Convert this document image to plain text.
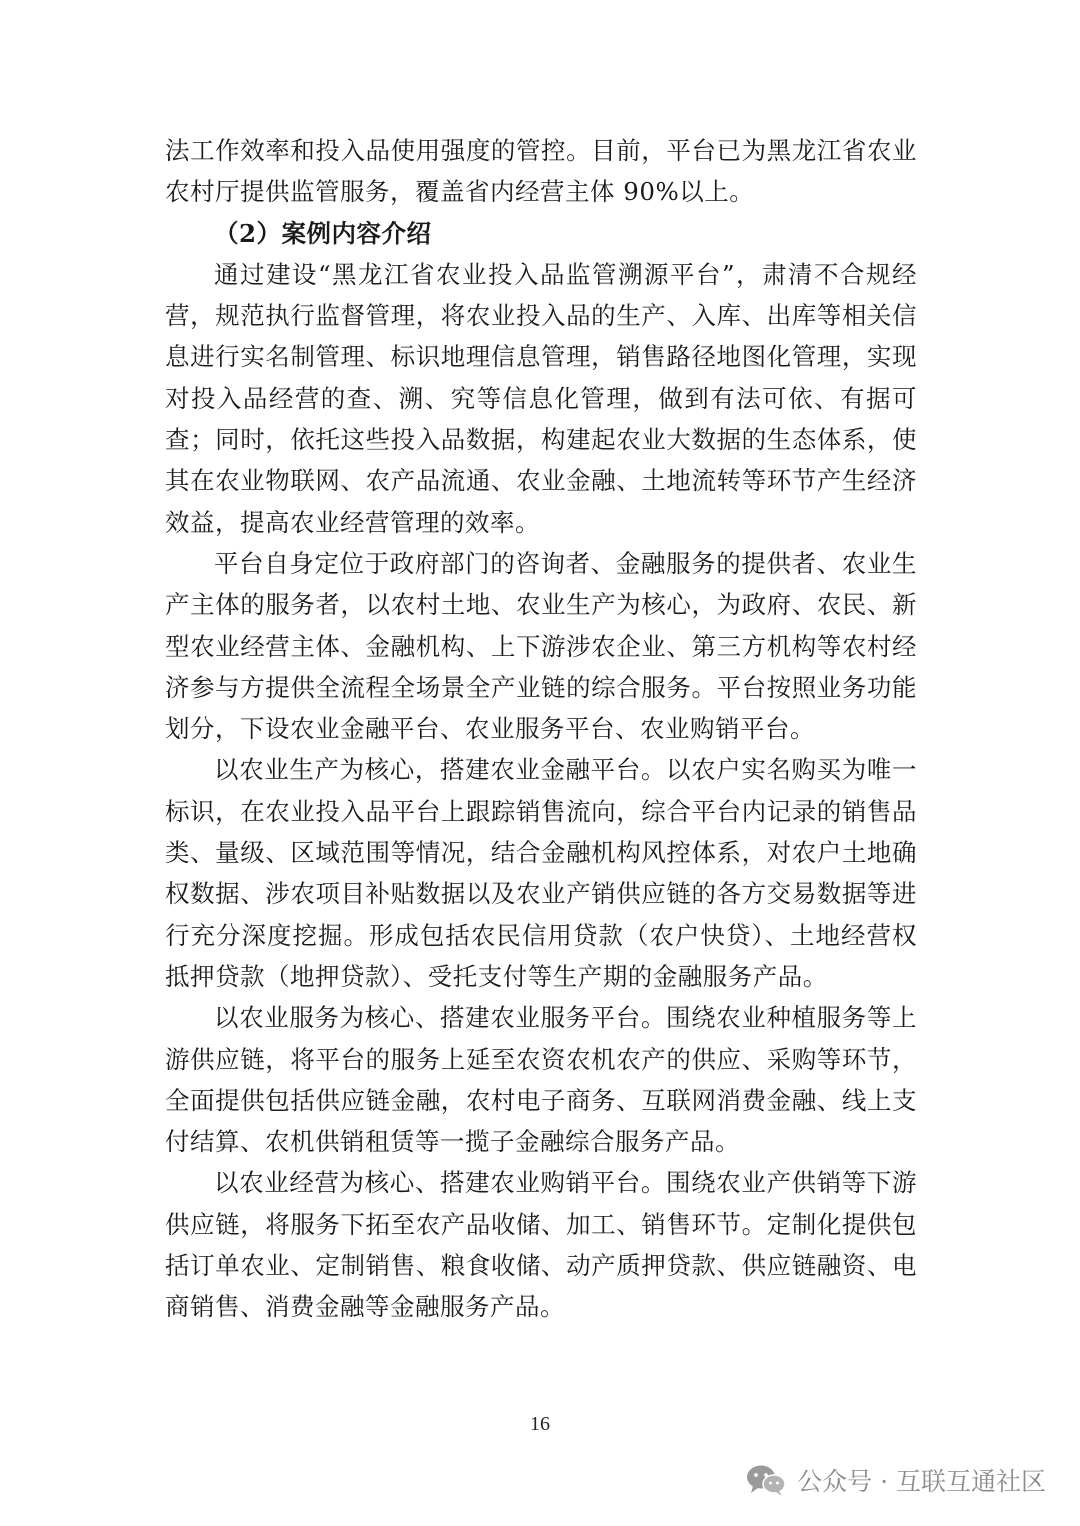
法工作效率和投入品使用强度的管控。目前，平台已为黑龙江省农业农村厅提供监管服务，覆盖省内经营主体 90%以上。

（2）案例内容介绍

通过建设“黑龙江省农业投入品监管溯源平台”，肃清不合规经营，规范执行监督管理，将农业投入品的生产、入库、出库等相关信息进行实名制管理、标识地理信息管理，销售路径地图化管理，实现对投入品经营的查、溯、究等信息化管理，做到有法可依、有据可查；同时，依托这些投入品数据，构建起农业大数据的生态体系，使其在农业物联网、农产品流通、农业金融、土地流转等环节产生经济效益，提高农业经营管理的效率。

平台自身定位于政府部门的咨询者、金融服务的提供者、农业生产主体的服务者，以农村土地、农业生产为核心，为政府、农民、新型农业经营主体、金融机构、上下游涉农企业、第三方机构等农村经济参与方提供全流程全场景全产业链的综合服务。平台按照业务功能划分，下设农业金融平台、农业服务平台、农业购销平台。

以农业生产为核心，搭建农业金融平台。以农户实名购买为唯一标识，在农业投入品平台上跟踪销售流向，综合平台内记录的销售品类、量级、区域范围等情况，结合金融机构风控体系，对农户土地确权数据、涉农项目补贴数据以及农业产销供应链的各方交易数据等进行充分深度挖掘。形成包括农民信用贷款（农户快贷）、土地经营权抵押贷款（地押贷款）、受托支付等生产期的金融服务产品。

以农业服务为核心、搭建农业服务平台。围绕农业种植服务等上游供应链，将平台的服务上延至农资农机农产的供应、采购等环节，全面提供包括供应链金融，农村电子商务、互联网消费金融、线上支付结算、农机供销租赁等一揽子金融综合服务产品。

以农业经营为核心、搭建农业购销平台。围绕农业产供销等下游供应链，将服务下拓至农产品收储、加工、销售环节。定制化提供包括订单农业、定制销售、粮食收储、动产质押贷款、供应链融资、电商销售、消费金融等金融服务产品。

16
公众号 · 互联互通社区
